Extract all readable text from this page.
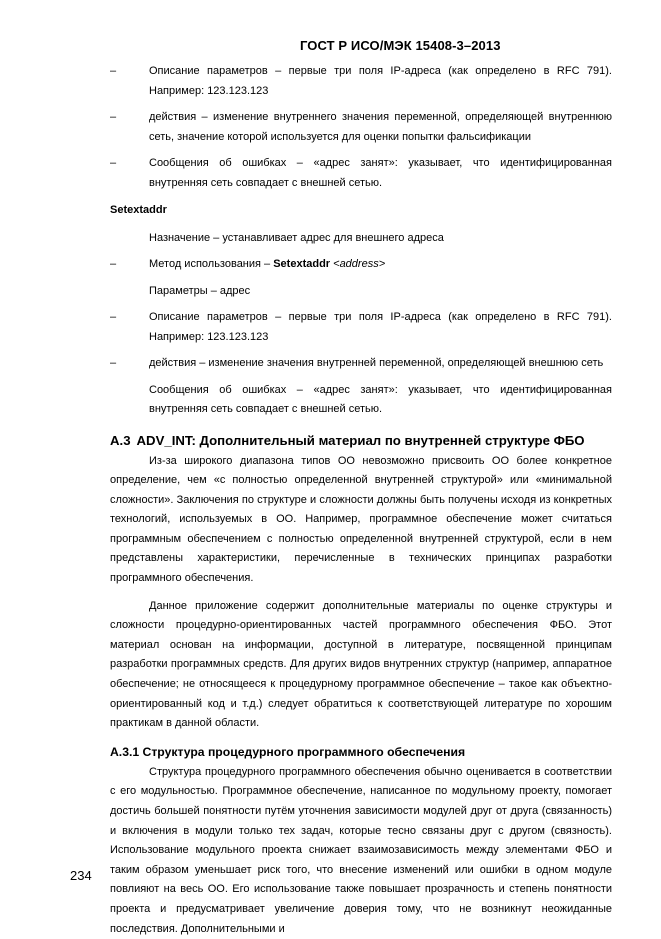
ГОСТ Р ИСО/МЭК 15408-3–2013
–	Описание параметров – первые три поля IP-адреса (как определено в RFC 791). Например: 123.123.123
–	действия – изменение внутреннего значения переменной, определяющей внутреннюю сеть, значение которой используется для оценки попытки фальсификации
–	Сообщения об ошибках – «адрес занят»: указывает, что идентифицированная внутренняя сеть совпадает с внешней сетью.
Setextaddr
Назначение – устанавливает адрес для внешнего адреса
–	Метод использования – Setextaddr <address>
Параметры – адрес
–	Описание параметров – первые три поля IP-адреса (как определено в RFC 791). Например: 123.123.123
–	действия – изменение значения внутренней переменной, определяющей внешнюю сеть
Сообщения об ошибках – «адрес занят»: указывает, что идентифицированная внутренняя сеть совпадает с внешней сетью.
А.3 ADV_INT: Дополнительный материал по внутренней структуре ФБО

Из-за широкого диапазона типов ОО невозможно присвоить ОО более конкретное определение, чем «с полностью определенной внутренней структурой» или «минимальной сложности». Заключения по структуре и сложности должны быть получены исходя из конкретных технологий, используемых в ОО. Например, программное обеспечение может считаться программным обеспечением с полностью определенной внутренней структурой, если в нем представлены характеристики, перечисленные в технических принципах разработки программного обеспечения.

Данное приложение содержит дополнительные материалы по оценке структуры и сложности процедурно-ориентированных частей программного обеспечения ФБО. Этот материал основан на информации, доступной в литературе, посвященной принципам разработки программных средств. Для других видов внутренних структур (например, аппаратное обеспечение; не относящееся к процедурному программное обеспечение – такое как объектно-ориентированный код и т.д.) следует обратиться к соответствующей литературе по хорошим практикам в данной области.

А.3.1 Структура процедурного программного обеспечения

Структура процедурного программного обеспечения обычно оценивается в соответствии с его модульностью. Программное обеспечение, написанное по модульному проекту, помогает достичь большей понятности путём уточнения зависимости модулей друг от друга (связанность) и включения в модули только тех задач, которые тесно связаны друг с другом (связность). Использование модульного проекта снижает взаимозависимость между элементами ФБО и таким образом уменьшает риск того, что внесение изменений или ошибки в одном модуле повлияют на весь ОО. Его использование также повышает прозрачность и степень понятности проекта и предусматривает увеличение доверия тому, что не возникнут неожиданные последствия. Дополнительными и

234
